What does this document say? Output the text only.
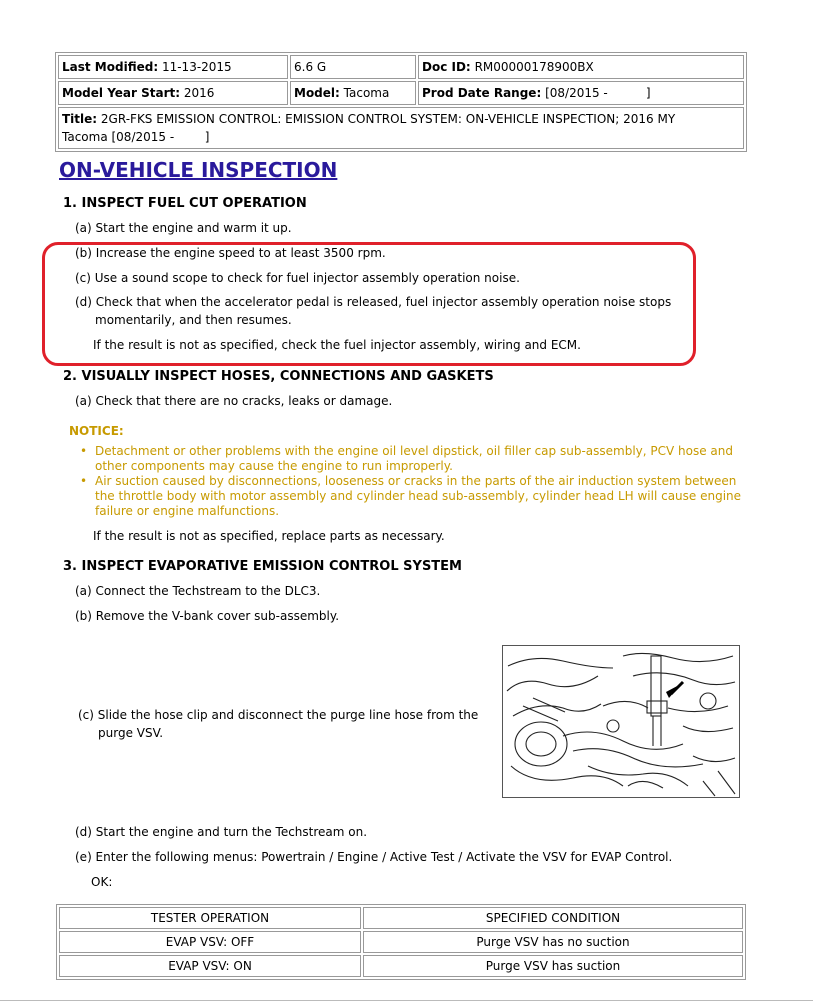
Last Modified: 11-13-2015	6.6 G	Doc ID: RM00000178900BX
Model Year Start: 2016	Model: Tacoma	Prod Date Range: [08/2015 -          ]
Title: 2GR-FKS EMISSION CONTROL: EMISSION CONTROL SYSTEM: ON-VEHICLE INSPECTION; 2016 MY
Tacoma [08/2015 -        ]		
ON-VEHICLE INSPECTION
1. INSPECT FUEL CUT OPERATION
(a) Start the engine and warm it up.
(b) Increase the engine speed to at least 3500 rpm.
(c) Use a sound scope to check for fuel injector assembly operation noise.
(d) Check that when the accelerator pedal is released, fuel injector assembly operation noise stops
momentarily, and then resumes.
If the result is not as specified, check the fuel injector assembly, wiring and ECM.
2. VISUALLY INSPECT HOSES, CONNECTIONS AND GASKETS
(a) Check that there are no cracks, leaks or damage.
NOTICE:
• Detachment or other problems with the engine oil level dipstick, oil filler cap sub-assembly, PCV hose and other components may cause the engine to run improperly.
• Air suction caused by disconnections, looseness or cracks in the parts of the air induction system between the throttle body with motor assembly and cylinder head sub-assembly, cylinder head LH will cause engine failure or engine malfunctions.
If the result is not as specified, replace parts as necessary.
3. INSPECT EVAPORATIVE EMISSION CONTROL SYSTEM
(a) Connect the Techstream to the DLC3.
(b) Remove the V-bank cover sub-assembly.
(c) Slide the hose clip and disconnect the purge line hose from the
purge VSV.
(d) Start the engine and turn the Techstream on.
(e) Enter the following menus: Powertrain / Engine / Active Test / Activate the VSV for EVAP Control.
OK:
TESTER OPERATION	SPECIFIED CONDITION
EVAP VSV: OFF	Purge VSV has no suction
EVAP VSV: ON	Purge VSV has suction
